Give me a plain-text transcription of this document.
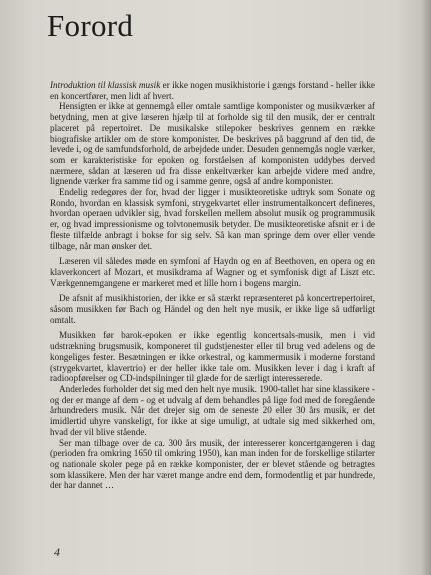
Forord

Introduktion til klassisk musik er ikke nogen musikhistorie i gængs forstand - heller ikke en koncertfører, men lidt af hvert.

Hensigten er ikke at gennemgå eller omtale samtlige komponister og musikværker af betydning, men at give læseren hjælp til at forholde sig til den musik, der er centralt placeret på repertoiret. De musikalske stilepoker beskrives gennem en række biografiske artikler om de store komponister. De beskrives på baggrund af den tid, de levede i, og de samfundsforhold, de arbejdede under. Desuden gennemgås nogle værker, som er karakteristiske for epoken og forståelsen af komponisten uddybes derved nærmere, sådan at læseren ud fra disse enkeltværker kan arbejde videre med andre, lignende værker fra samme tid og i samme genre, også af andre komponister.

Endelig redegøres der for, hvad der ligger i musikteoretiske udtryk som Sonate og Rondo, hvordan en klassisk symfoni, strygekvartet eller instrumentalkoncert defineres, hvordan operaen udvikler sig, hvad forskellen mellem absolut musik og programmusik er, og hvad impressionisme og tolvtonemusik betyder. De musikteoretiske afsnit er i de fleste tilfælde anbragt i bokse for sig selv. Så kan man springe dem over eller vende tilbage, når man ønsker det.

Læseren vil således møde en symfoni af Haydn og en af Beethoven, en opera og en klaverkoncert af Mozart, et musikdrama af Wagner og et symfonisk digt af Liszt etc. Værkgennemgangene er markeret med et lille horn i bogens margin.

De afsnit af musikhistorien, der ikke er så stærkt repræsenteret på koncertrepertoiret, såsom musikken før Bach og Händel og den helt nye musik, er ikke lige så udførligt omtalt.

Musikken før barok-epoken er ikke egentlig koncertsals-musik, men i vid udstrækning brugsmusik, komponeret til gudstjenester eller til brug ved adelens og de kongeliges fester. Besætningen er ikke orkestral, og kammermusik i moderne forstand (strygekvartet, klavertrio) er der heller ikke tale om. Musikken lever i dag i kraft af radioopførelser og CD-indspilninger til glæde for de særligt interesserede.

Anderledes forholder det sig med den helt nye musik. 1900-tallet har sine klassikere - og der er mange af dem - og et udvalg af dem behandles på lige fod med de foregående århundreders musik. Når det drejer sig om de seneste 20 eller 30 års musik, er det imidlertid uhyre vanskeligt, for ikke at sige umuligt, at udtale sig med sikkerhed om, hvad der vil blive stående.

Ser man tilbage over de ca. 300 års musik, der interesserer koncertgængeren i dag (perioden fra omkring 1650 til omkring 1950), kan man inden for de forskellige stilarter og nationale skoler pege på en række komponister, der er blevet stående og betragtes som klassikere. Men der har været mange andre end dem, formodentlig et par hundrede, der har dannet …

4
